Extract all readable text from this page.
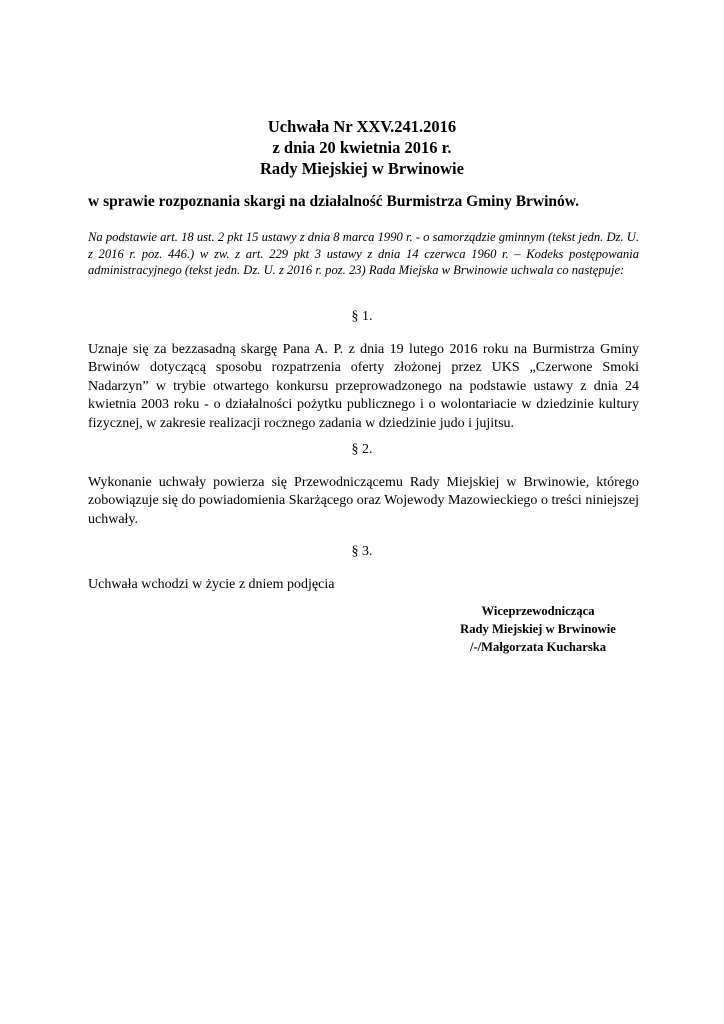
Uchwała Nr XXV.241.2016
z dnia 20 kwietnia 2016 r.
Rady Miejskiej w Brwinowie
w sprawie rozpoznania skargi na działalność Burmistrza Gminy Brwinów.
Na podstawie art. 18 ust. 2 pkt 15 ustawy z dnia 8 marca 1990 r. - o samorządzie gminnym (tekst jedn. Dz. U. z 2016 r. poz. 446.) w zw. z art. 229 pkt 3 ustawy z dnia 14 czerwca 1960 r. – Kodeks postępowania administracyjnego (tekst jedn. Dz. U. z 2016 r. poz. 23) Rada Miejska w Brwinowie uchwala co następuje:
§ 1.
Uznaje się za bezzasadną skargę Pana A. P. z dnia 19 lutego 2016 roku na Burmistrza Gminy Brwinów dotyczącą sposobu rozpatrzenia oferty złożonej przez UKS „Czerwone Smoki Nadarzyn” w trybie otwartego konkursu przeprowadzonego na podstawie ustawy z dnia 24 kwietnia 2003 roku - o działalności pożytku publicznego i o wolontariacie w dziedzinie kultury fizycznej, w zakresie realizacji rocznego zadania w dziedzinie judo i jujitsu.
§ 2.
Wykonanie uchwały powierza się Przewodniczącemu Rady Miejskiej w Brwinowie, którego zobowiązuje się do powiadomienia Skarżącego oraz Wojewody Mazowieckiego o treści niniejszej uchwały.
§ 3.
Uchwała wchodzi w życie z dniem podjęcia
Wiceprzewodnicząca
Rady Miejskiej w Brwinowie
/-/Małgorzata Kucharska
